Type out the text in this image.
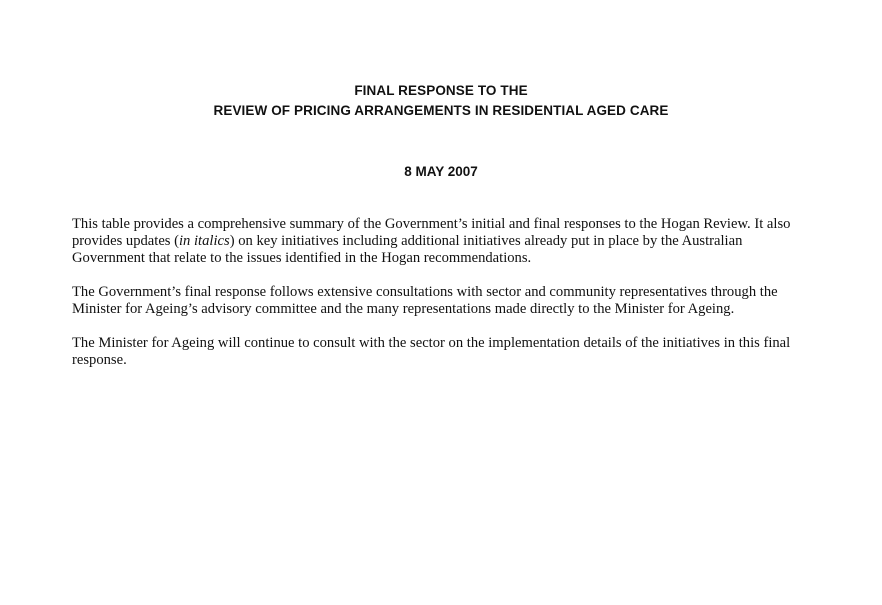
FINAL RESPONSE TO THE
REVIEW OF PRICING ARRANGEMENTS IN RESIDENTIAL AGED CARE
8 MAY 2007

This table provides a comprehensive summary of the Government’s initial and final responses to the Hogan Review. It also provides updates (in italics) on key initiatives including additional initiatives already put in place by the Australian Government that relate to the issues identified in the Hogan recommendations.

The Government’s final response follows extensive consultations with sector and community representatives through the Minister for Ageing’s advisory committee and the many representations made directly to the Minister for Ageing.

The Minister for Ageing will continue to consult with the sector on the implementation details of the initiatives in this final response.
